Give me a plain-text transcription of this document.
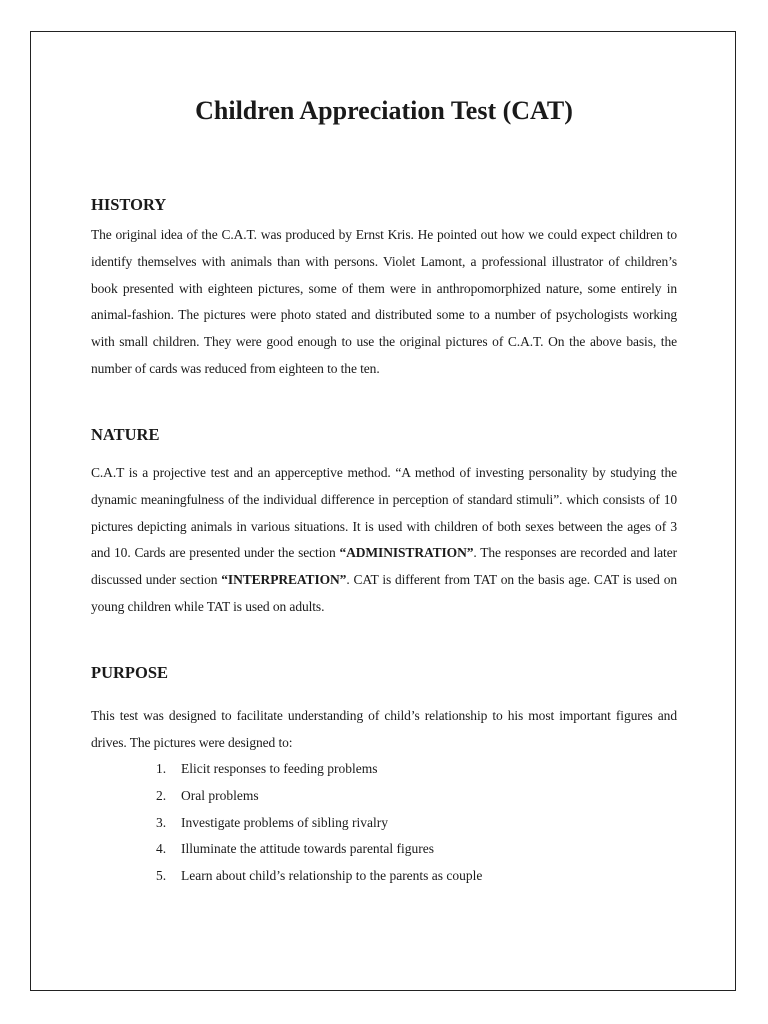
Children Appreciation Test (CAT)
HISTORY

The original idea of the C.A.T. was produced by Ernst Kris. He pointed out how we could expect children to identify themselves with animals than with persons. Violet Lamont, a professional illustrator of children’s book presented with eighteen pictures, some of them were in anthropomorphized nature, some entirely in animal-fashion. The pictures were photo stated and distributed some to a number of psychologists working with small children. They were good enough to use the original pictures of C.A.T. On the above basis, the number of cards was reduced from eighteen to the ten.

NATURE

C.A.T is a projective test and an apperceptive method. “A method of investing personality by studying the dynamic meaningfulness of the individual difference in perception of standard stimuli”. which consists of 10 pictures depicting animals in various situations. It is used with children of both sexes between the ages of 3 and 10. Cards are presented under the section “ADMINISTRATION”. The responses are recorded and later discussed under section “INTERPREATION”. CAT is different from TAT on the basis age. CAT is used on young children while TAT is used on adults.

PURPOSE

This test was designed to facilitate understanding of child’s relationship to his most important figures and drives. The pictures were designed to:

1.	Elicit responses to feeding problems
2.	Oral problems
3.	Investigate problems of sibling rivalry
4.	Illuminate the attitude towards parental figures
5.	Learn about child’s relationship to the parents as couple
